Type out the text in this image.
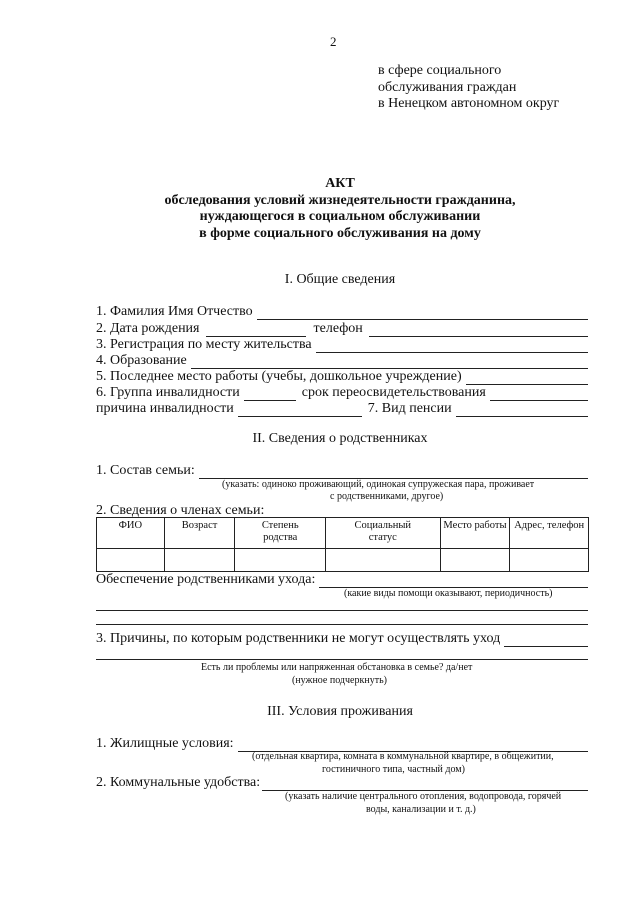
2
в сфере социального
обслуживания граждан
в Ненецком автономном округ
АКТ
обследования условий жизнедеятельности гражданина,
нуждающегося в социальном обслуживании
в форме социального обслуживания на дому
I. Общие сведения
1. Фамилия Имя Отчество
2. Дата рождения	телефон
3. Регистрация по месту жительства
4. Образование
5. Последнее место работы (учебы, дошкольное учреждение)
6. Группа инвалидности	срок переосвидетельствования
причина инвалидности	7. Вид пенсии
II. Сведения о родственниках
1. Состав семьи:
(указать: одиноко проживающий, одинокая супружеская пара, проживает
с родственниками, другое)
2. Сведения о членах семьи:
ФИО	Возраст	Степень родства	Социальный статус	Место работы	Адрес, телефон

Обеспечение родственниками ухода:
(какие виды помощи оказывают, периодичность)
3. Причины, по которым родственники не могут осуществлять уход
Есть ли проблемы или напряженная обстановка в семье? да/нет
(нужное подчеркнуть)
III. Условия проживания
1. Жилищные условия:
(отдельная квартира, комната в коммунальной квартире, в общежитии,
гостиничного типа, частный дом)
2. Коммунальные удобства:
(указать наличие центрального отопления, водопровода, горячей
воды, канализации и т. д.)
